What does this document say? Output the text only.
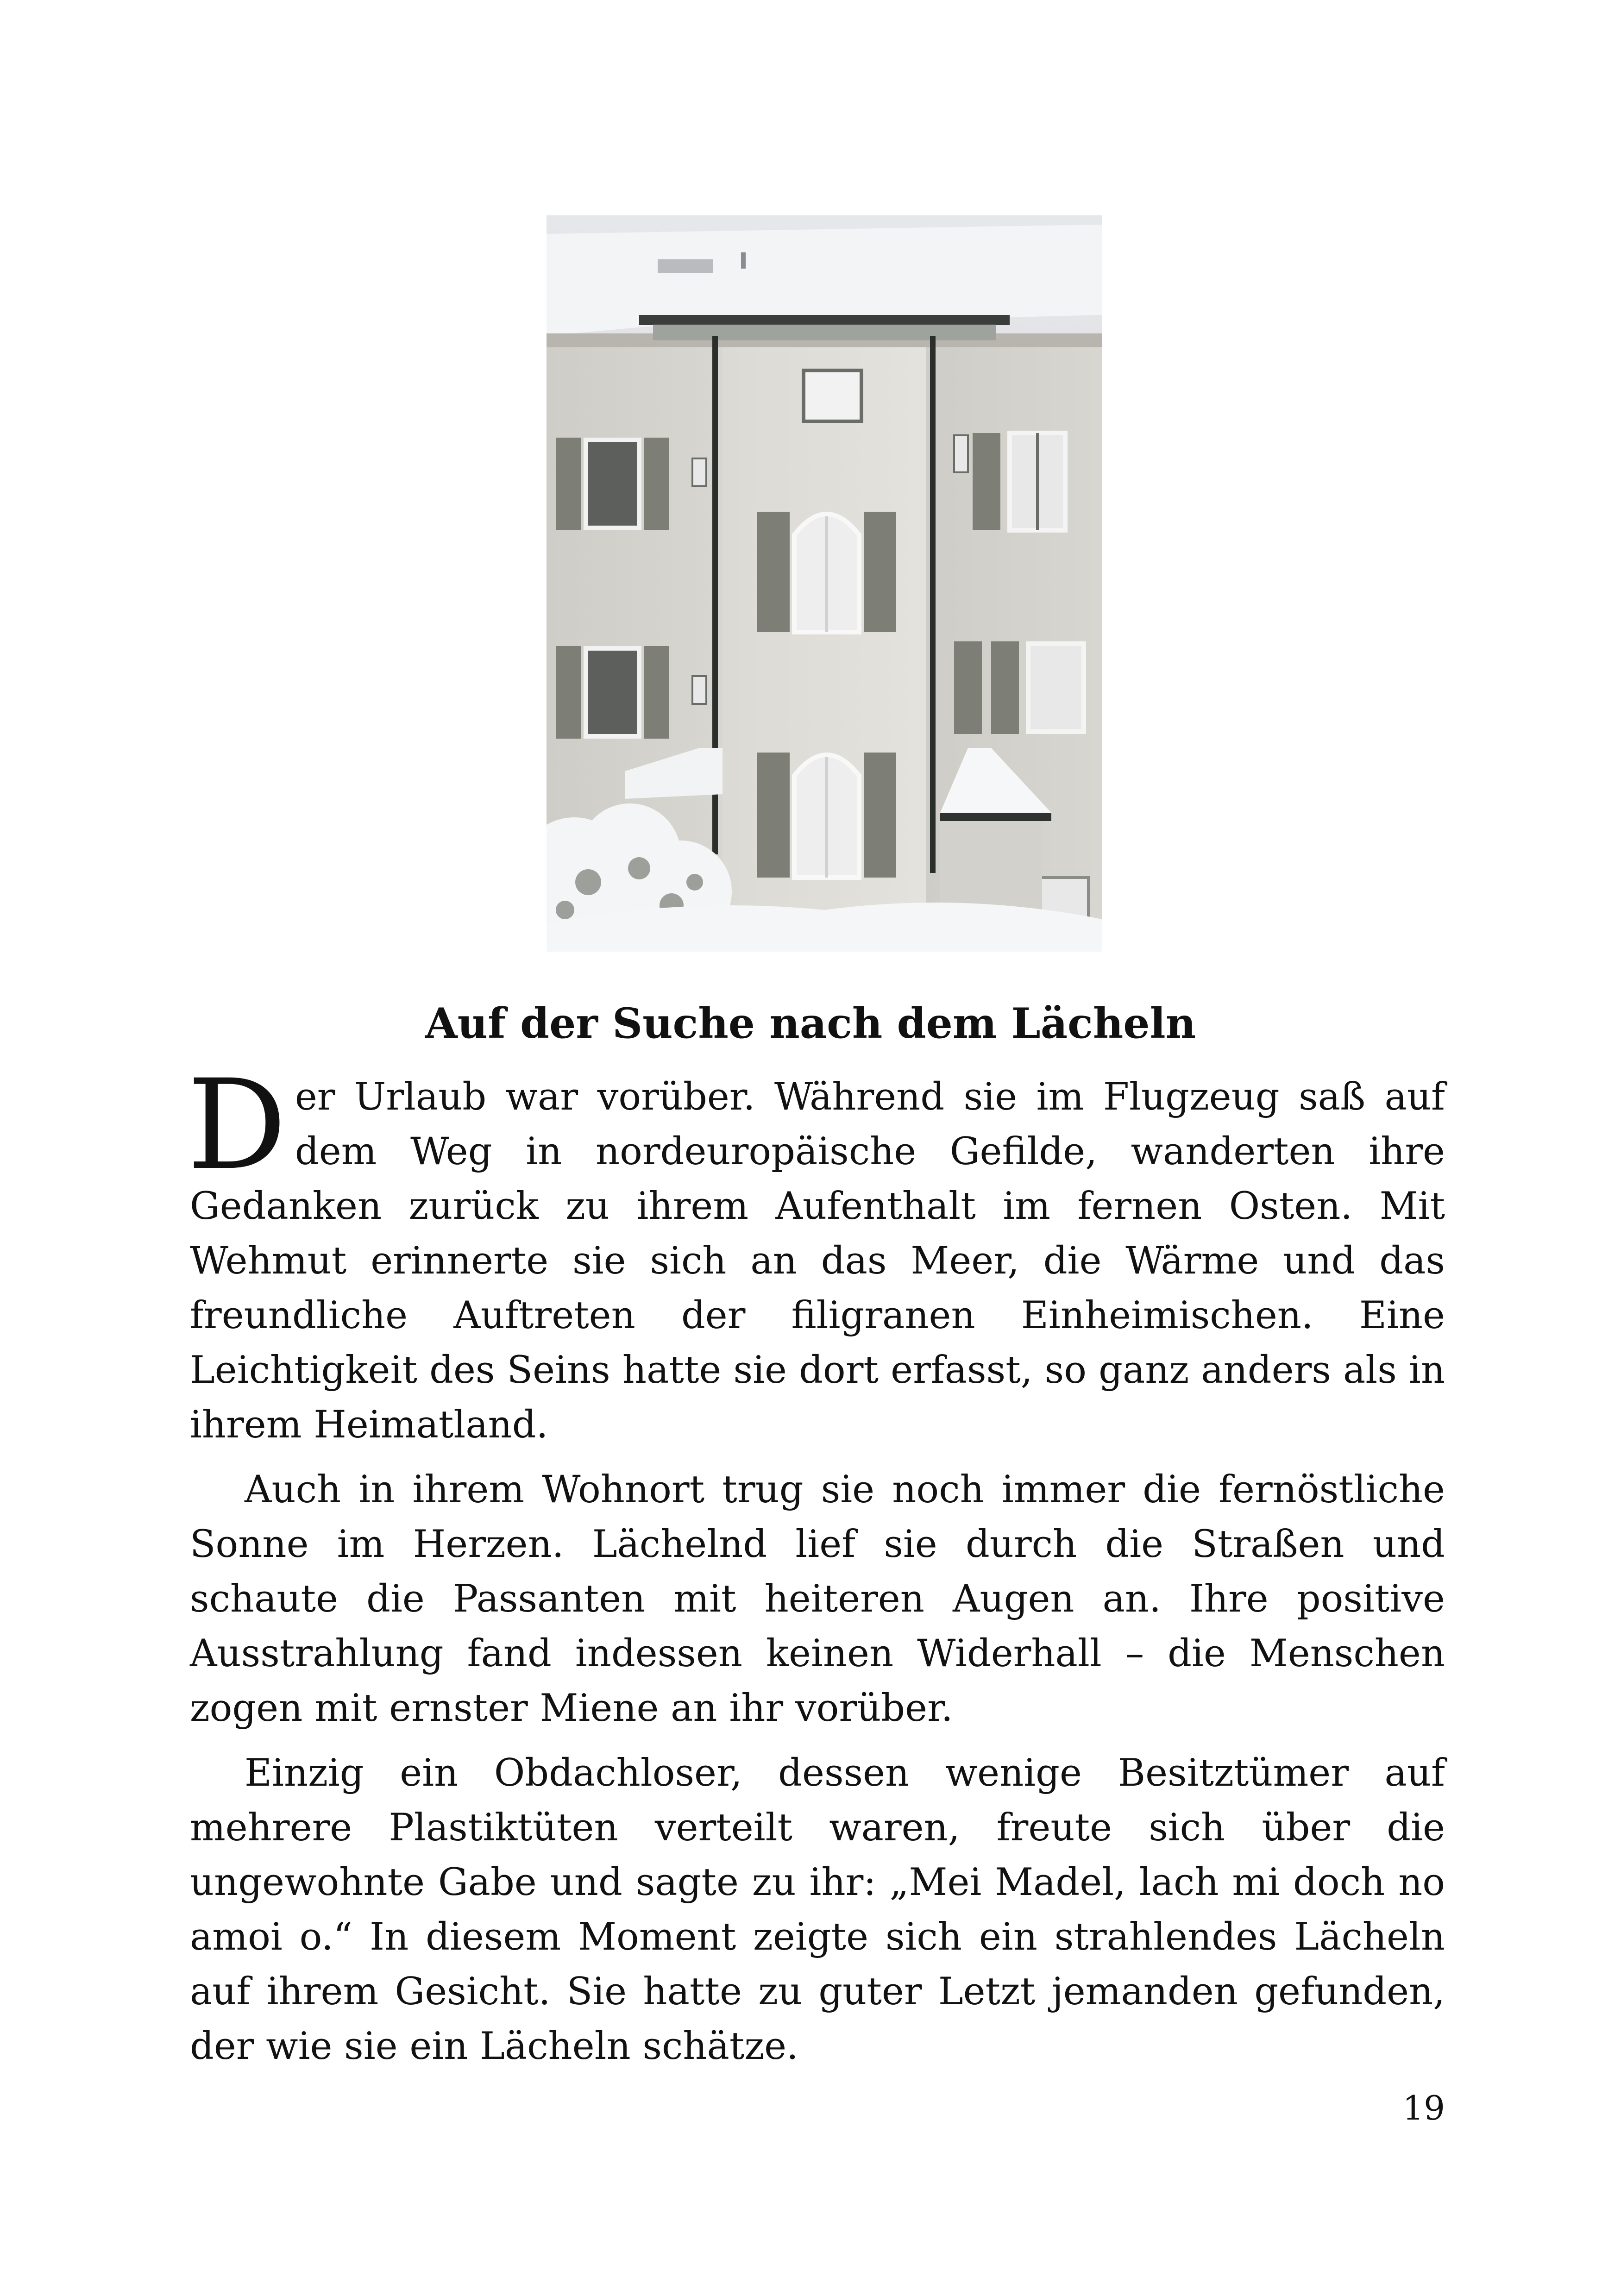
Auf der Suche nach dem Lächeln

Der Urlaub war vorüber. Während sie im Flugzeug saß auf dem Weg in nordeuropäische Gefilde, wanderten ihre Gedanken zurück zu ihrem Aufenthalt im fernen Osten. Mit Wehmut erinnerte sie sich an das Meer, die Wärme und das freundliche Auftreten der filigranen Einheimischen. Eine Leichtigkeit des Seins hatte sie dort erfasst, so ganz anders als in ihrem Heimatland.

Auch in ihrem Wohnort trug sie noch immer die fernöstliche Sonne im Herzen. Lächelnd lief sie durch die Straßen und schaute die Passanten mit heiteren Augen an. Ihre positive Ausstrahlung fand indessen keinen Widerhall – die Menschen zogen mit ernster Miene an ihr vorüber.

Einzig ein Obdachloser, dessen wenige Besitztümer auf mehrere Plastiktüten verteilt waren, freute sich über die ungewohnte Gabe und sagte zu ihr: „Mei Madel, lach mi doch no amoi o.“ In diesem Moment zeigte sich ein strahlendes Lächeln auf ihrem Gesicht. Sie hatte zu guter Letzt jemanden gefunden, der wie sie ein Lächeln schätze.

19
